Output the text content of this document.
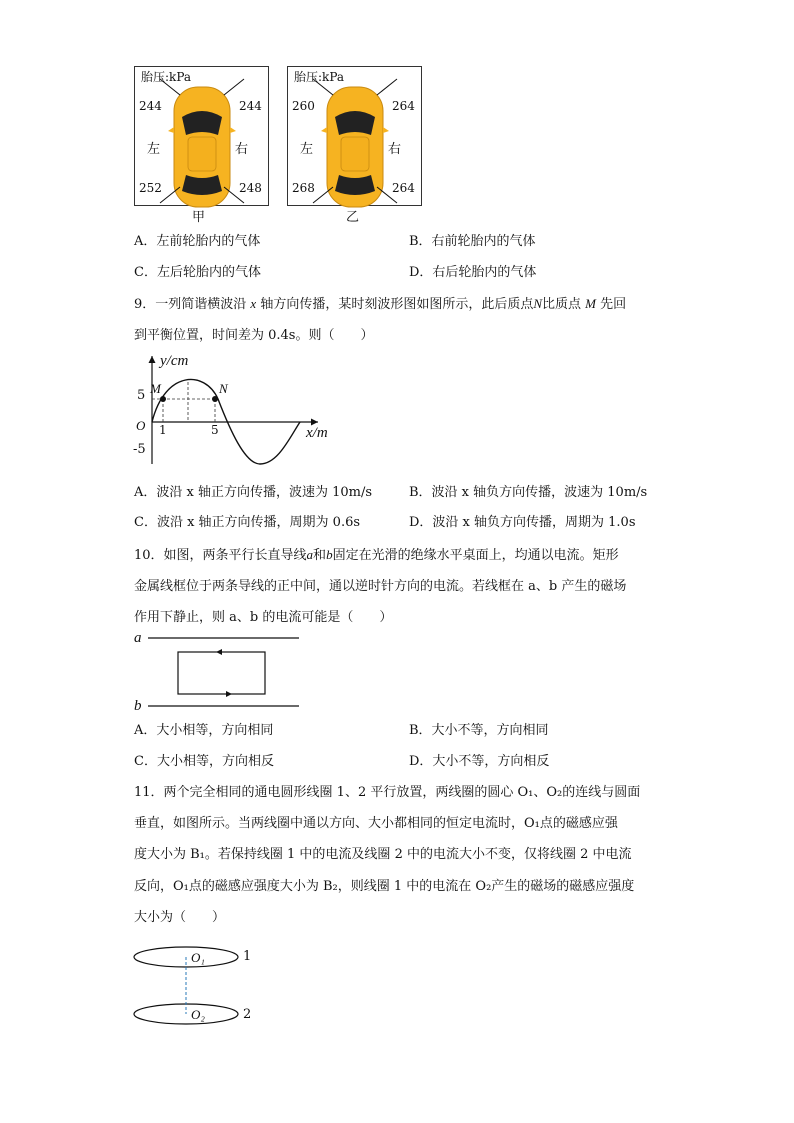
胎压:kPa
244	244
左	右
252	248
甲
胎压:kPa
260	264
左	右
268	264
乙
A．左前轮胎内的气体	B．右前轮胎内的气体
C．左后轮胎内的气体	D．右后轮胎内的气体
9．一列简谐横波沿 x 轴方向传播，某时刻波形图如图所示，此后质点N比质点 M 先回
到平衡位置，时间差为 0.4s。则（　　）
y/cm
x/m
O
5
-5
1	5
M	N
A．波沿 x 轴正方向传播，波速为 10m/s	B．波沿 x 轴负方向传播，波速为 10m/s
C．波沿 x 轴正方向传播，周期为 0.6s	D．波沿 x 轴负方向传播，周期为 1.0s
10．如图，两条平行长直导线a和b固定在光滑的绝缘水平桌面上，均通以电流。矩形
金属线框位于两条导线的正中间，通以逆时针方向的电流。若线框在 a、b 产生的磁场
作用下静止，则 a、b 的电流可能是（　　）
a
b
A．大小相等，方向相同	B．大小不等，方向相同
C．大小相等，方向相反	D．大小不等，方向相反
11．两个完全相同的通电圆形线圈 1、2 平行放置，两线圈的圆心 O₁、O₂的连线与圆面
垂直，如图所示。当两线圈中通以方向、大小都相同的恒定电流时，O₁点的磁感应强
度大小为 B₁。若保持线圈 1 中的电流及线圈 2 中的电流大小不变，仅将线圈 2 中电流
反向，O₁点的磁感应强度大小为 B₂，则线圈 1 中的电流在 O₂产生的磁场的磁感应强度
大小为（　　）
O₁
O₂
1
2
